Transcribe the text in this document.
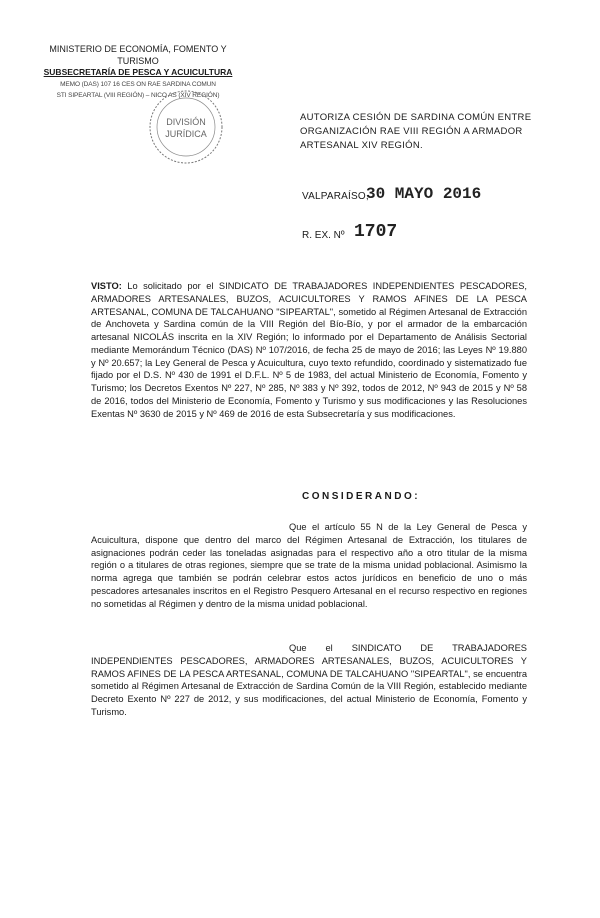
MINISTERIO DE ECONOMÍA, FOMENTO Y TURISMO
SUBSECRETARÍA DE PESCA Y ACUICULTURA
MEMO (DAS) 107 16 CES ON RAE SARDINA COMUN
STI SIPEARTAL (VIII REGIÓN) – NICO AS (XIV REGIÓN)
DIVISIÓN
JURÍDICA
AUTORIZA CESIÓN DE SARDINA COMÚN ENTRE ORGANIZACIÓN RAE VIII REGIÓN A ARMADOR ARTESANAL XIV REGIÓN.
VALPARAÍSO,
30 MAYO 2016
R. EX. Nº 1707
VISTO: Lo solicitado por el SINDICATO DE TRABAJADORES INDEPENDIENTES PESCADORES, ARMADORES ARTESANALES, BUZOS, ACUICULTORES Y RAMOS AFINES DE LA PESCA ARTESANAL, COMUNA DE TALCAHUANO "SIPEARTAL", sometido al Régimen Artesanal de Extracción de Anchoveta y Sardina común de la VIII Región del Bío-Bío, y por el armador de la embarcación artesanal NICOLÁS inscrita en la XIV Región; lo informado por el Departamento de Análisis Sectorial mediante Memorándum Técnico (DAS) Nº 107/2016, de fecha 25 de mayo de 2016; las Leyes Nº 19.880 y Nº 20.657; la Ley General de Pesca y Acuicultura, cuyo texto refundido, coordinado y sistematizado fue fijado por el D.S. Nº 430 de 1991 el D.F.L. Nº 5 de 1983, del actual Ministerio de Economía, Fomento y Turismo; los Decretos Exentos Nº 227, Nº 285, Nº 383 y Nº 392, todos de 2012, Nº 943 de 2015 y Nº 58 de 2016, todos del Ministerio de Economía, Fomento y Turismo y sus modificaciones y las Resoluciones Exentas Nº 3630 de 2015 y Nº 469 de 2016 de esta Subsecretaría y sus modificaciones.
CONSIDERANDO:
Que el artículo 55 N de la Ley General de Pesca y Acuicultura, dispone que dentro del marco del Régimen Artesanal de Extracción, los titulares de asignaciones podrán ceder las toneladas asignadas para el respectivo año a otro titular de la misma región o a titulares de otras regiones, siempre que se trate de la misma unidad poblacional. Asimismo la norma agrega que también se podrán celebrar estos actos jurídicos en beneficio de uno o más pescadores artesanales inscritos en el Registro Pesquero Artesanal en el recurso respectivo en regiones no sometidas al Régimen y dentro de la misma unidad poblacional.
Que el SINDICATO DE TRABAJADORES INDEPENDIENTES PESCADORES, ARMADORES ARTESANALES, BUZOS, ACUICULTORES Y RAMOS AFINES DE LA PESCA ARTESANAL, COMUNA DE TALCAHUANO "SIPEARTAL", se encuentra sometido al Régimen Artesanal de Extracción de Sardina Común de la VIII Región, establecido mediante Decreto Exento Nº 227 de 2012, y sus modificaciones, del actual Ministerio de Economía, Fomento y Turismo.
